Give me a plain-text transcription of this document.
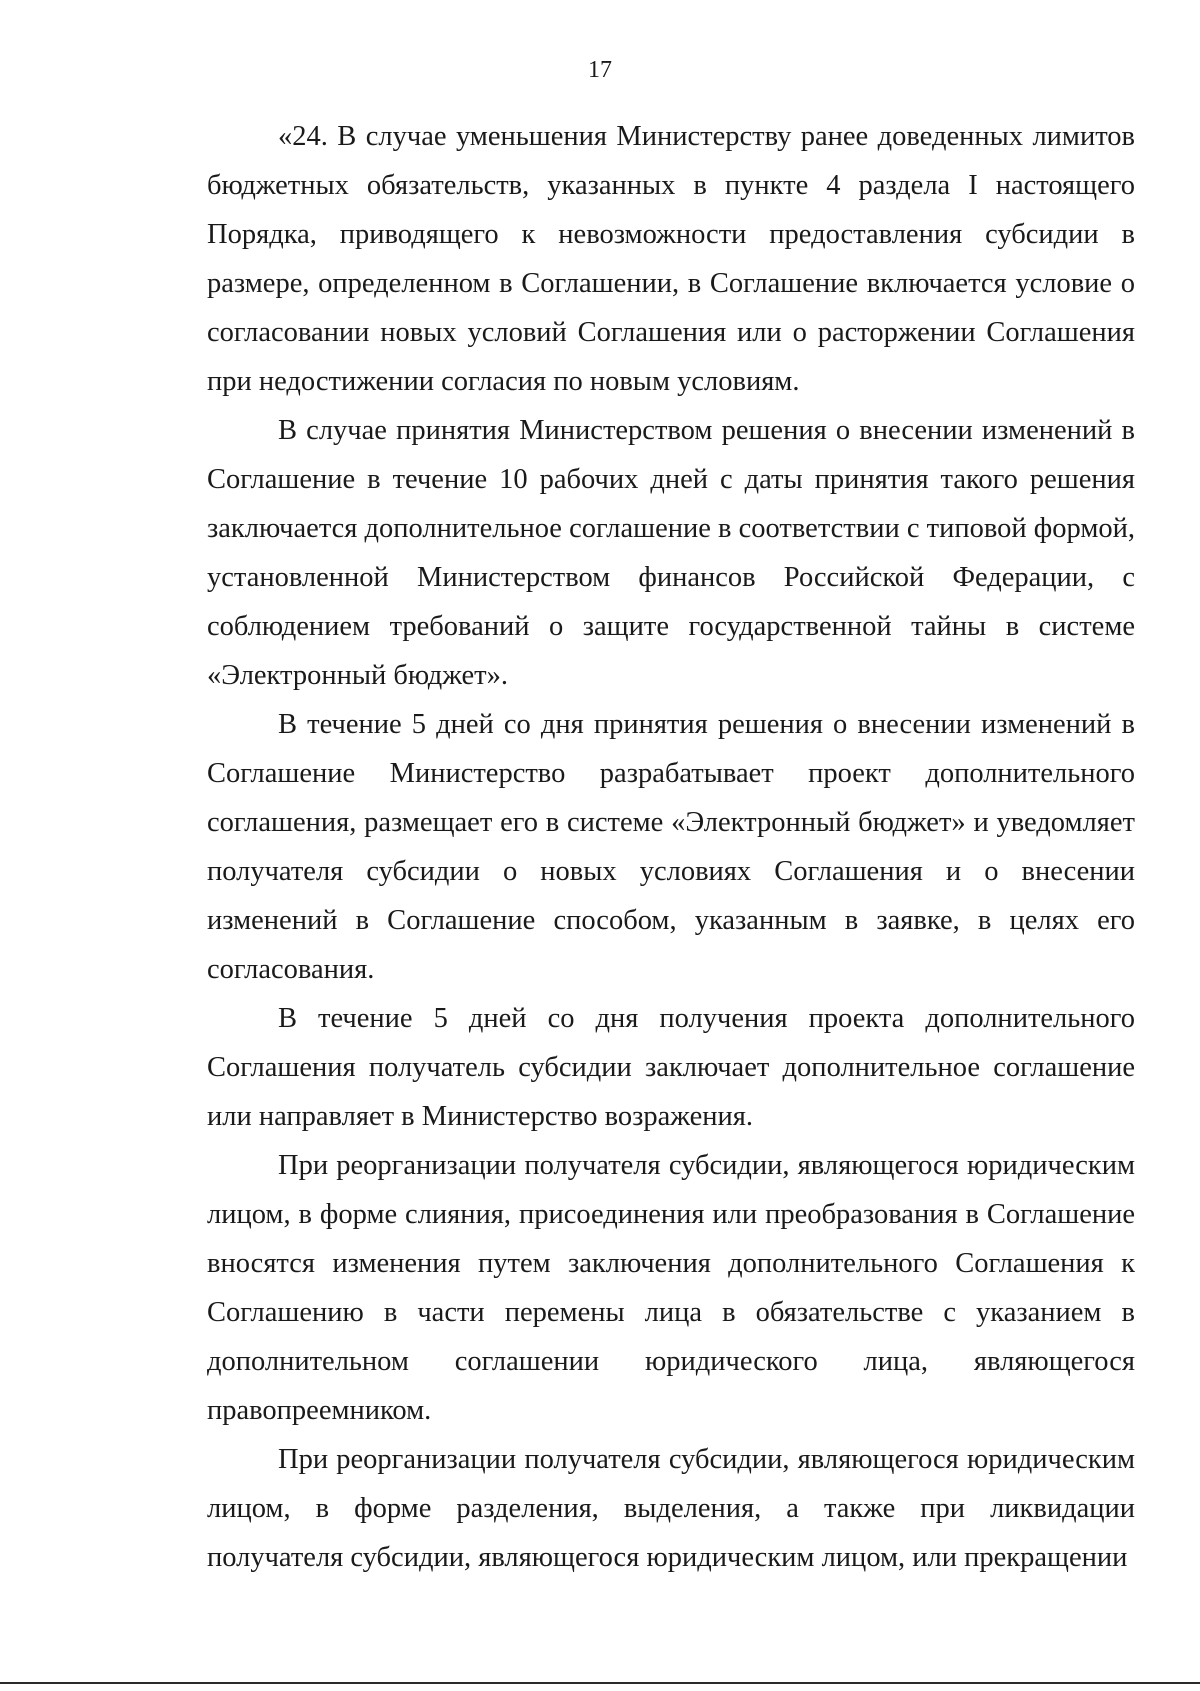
17

«24. В случае уменьшения Министерству ранее доведенных лимитов бюджетных обязательств, указанных в пункте 4 раздела I настоящего Порядка, приводящего к невозможности предоставления субсидии в размере, определенном в Соглашении, в Соглашение включается условие о согласовании новых условий Соглашения или о расторжении Соглашения при недостижении согласия по новым условиям.

В случае принятия Министерством решения о внесении изменений в Соглашение в течение 10 рабочих дней с даты принятия такого решения заключается дополнительное соглашение в соответствии с типовой формой, установленной Министерством финансов Российской Федерации, с соблюдением требований о защите государственной тайны в системе «Электронный бюджет».

В течение 5 дней со дня принятия решения о внесении изменений в Соглашение Министерство разрабатывает проект дополнительного соглашения, размещает его в системе «Электронный бюджет» и уведомляет получателя субсидии о новых условиях Соглашения и о внесении изменений в Соглашение способом, указанным в заявке, в целях его согласования.

В течение 5 дней со дня получения проекта дополнительного Соглашения получатель субсидии заключает дополнительное соглашение или направляет в Министерство возражения.

При реорганизации получателя субсидии, являющегося юридическим лицом, в форме слияния, присоединения или преобразования в Соглашение вносятся изменения путем заключения дополнительного Соглашения к Соглашению в части перемены лица в обязательстве с указанием в дополнительном соглашении юридического лица, являющегося правопреемником.

При реорганизации получателя субсидии, являющегося юридическим лицом, в форме разделения, выделения, а также при ликвидации получателя субсидии, являющегося юридическим лицом, или прекращении
